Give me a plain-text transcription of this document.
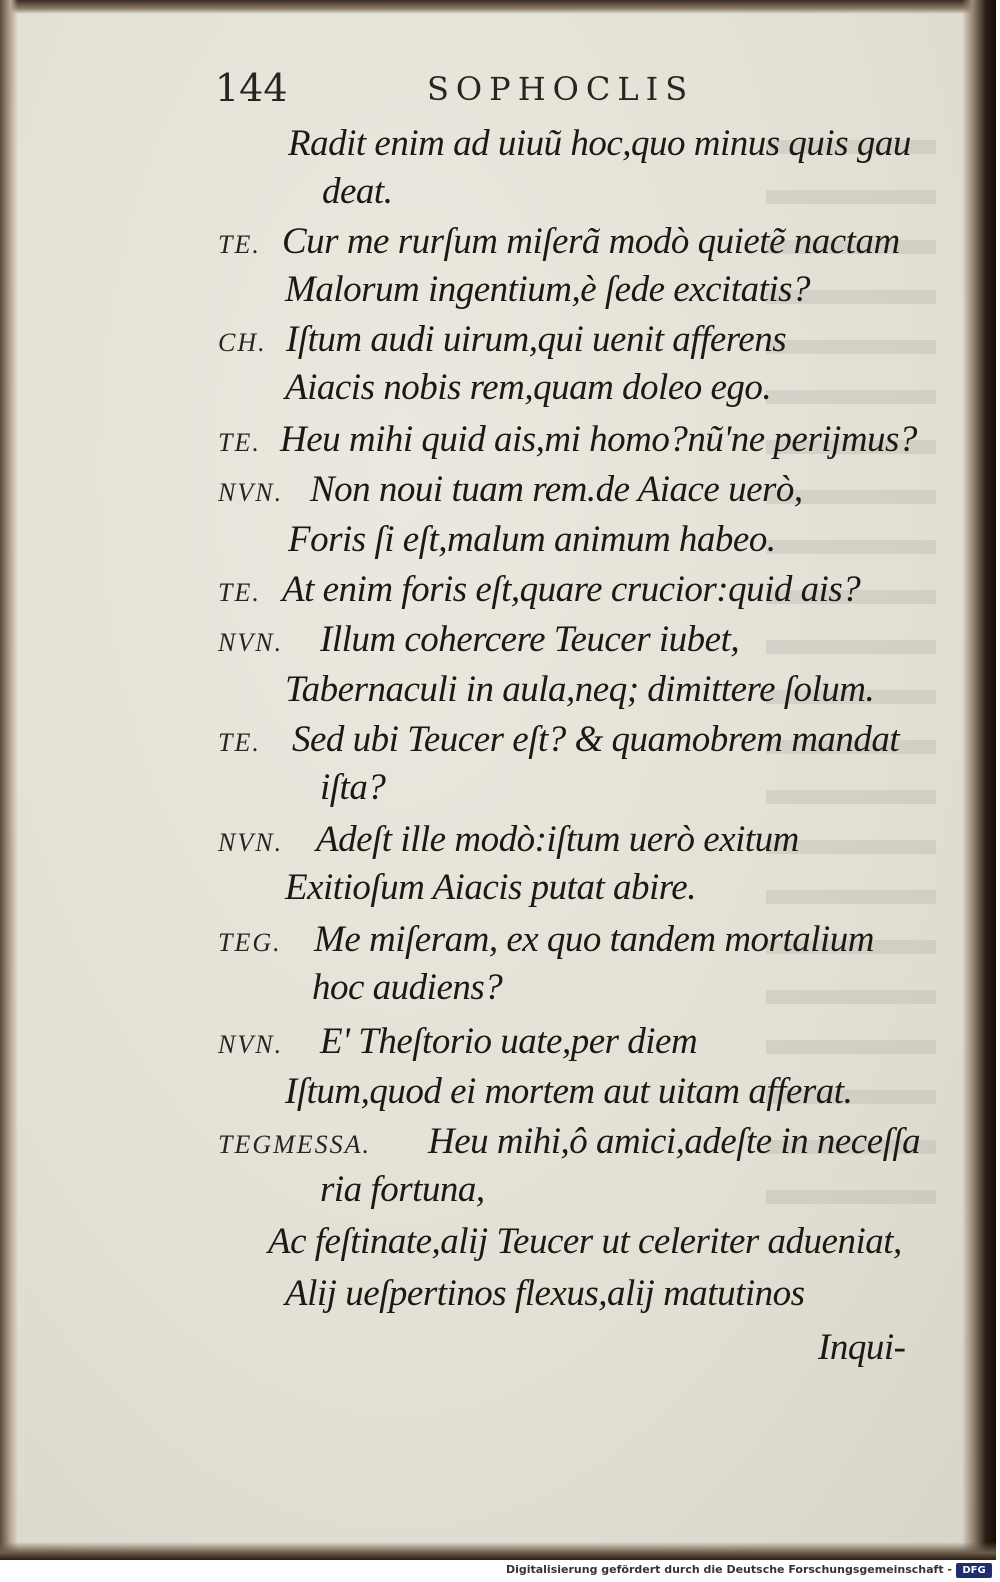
144	SOPHOCLIS
Radit enim ad uiuũ hoc,quo minus quis gau
deat.
TE. Cur me rurſum miſerã modò quietẽ nactam
Malorum ingentium,è ſede excitatis?
CH. Iſtum audi uirum,qui uenit afferens
Aiacis nobis rem,quam doleo ego.
TE. Heu mihi quid ais,mi homo?nũ'ne perijmus?
NVN. Non noui tuam rem.de Aiace uerò,
Foris ſi eſt,malum animum habeo.
TE. At enim foris eſt,quare crucior:quid ais?
NVN. Illum cohercere Teucer iubet,
Tabernaculi in aula,neq; dimittere ſolum.
TE. Sed ubi Teucer eſt? & quamobrem mandat
iſta?
NVN. Adeſt ille modò:iſtum uerò exitum
Exitioſum Aiacis putat abire.
TEG. Me miſeram, ex quo tandem mortalium
hoc audiens?
NVN. E' Theſtorio uate,per diem
Iſtum,quod ei mortem aut uitam afferat.
TEGMESSA. Heu mihi,ô amici,adeſte in neceſſa
ria fortuna,
Ac feſtinate,alij Teucer ut celeriter adueniat,
Alij ueſpertinos flexus,alij matutinos
Inqui-
Digitalisierung gefördert durch die Deutsche Forschungsgemeinschaft -	DFG
